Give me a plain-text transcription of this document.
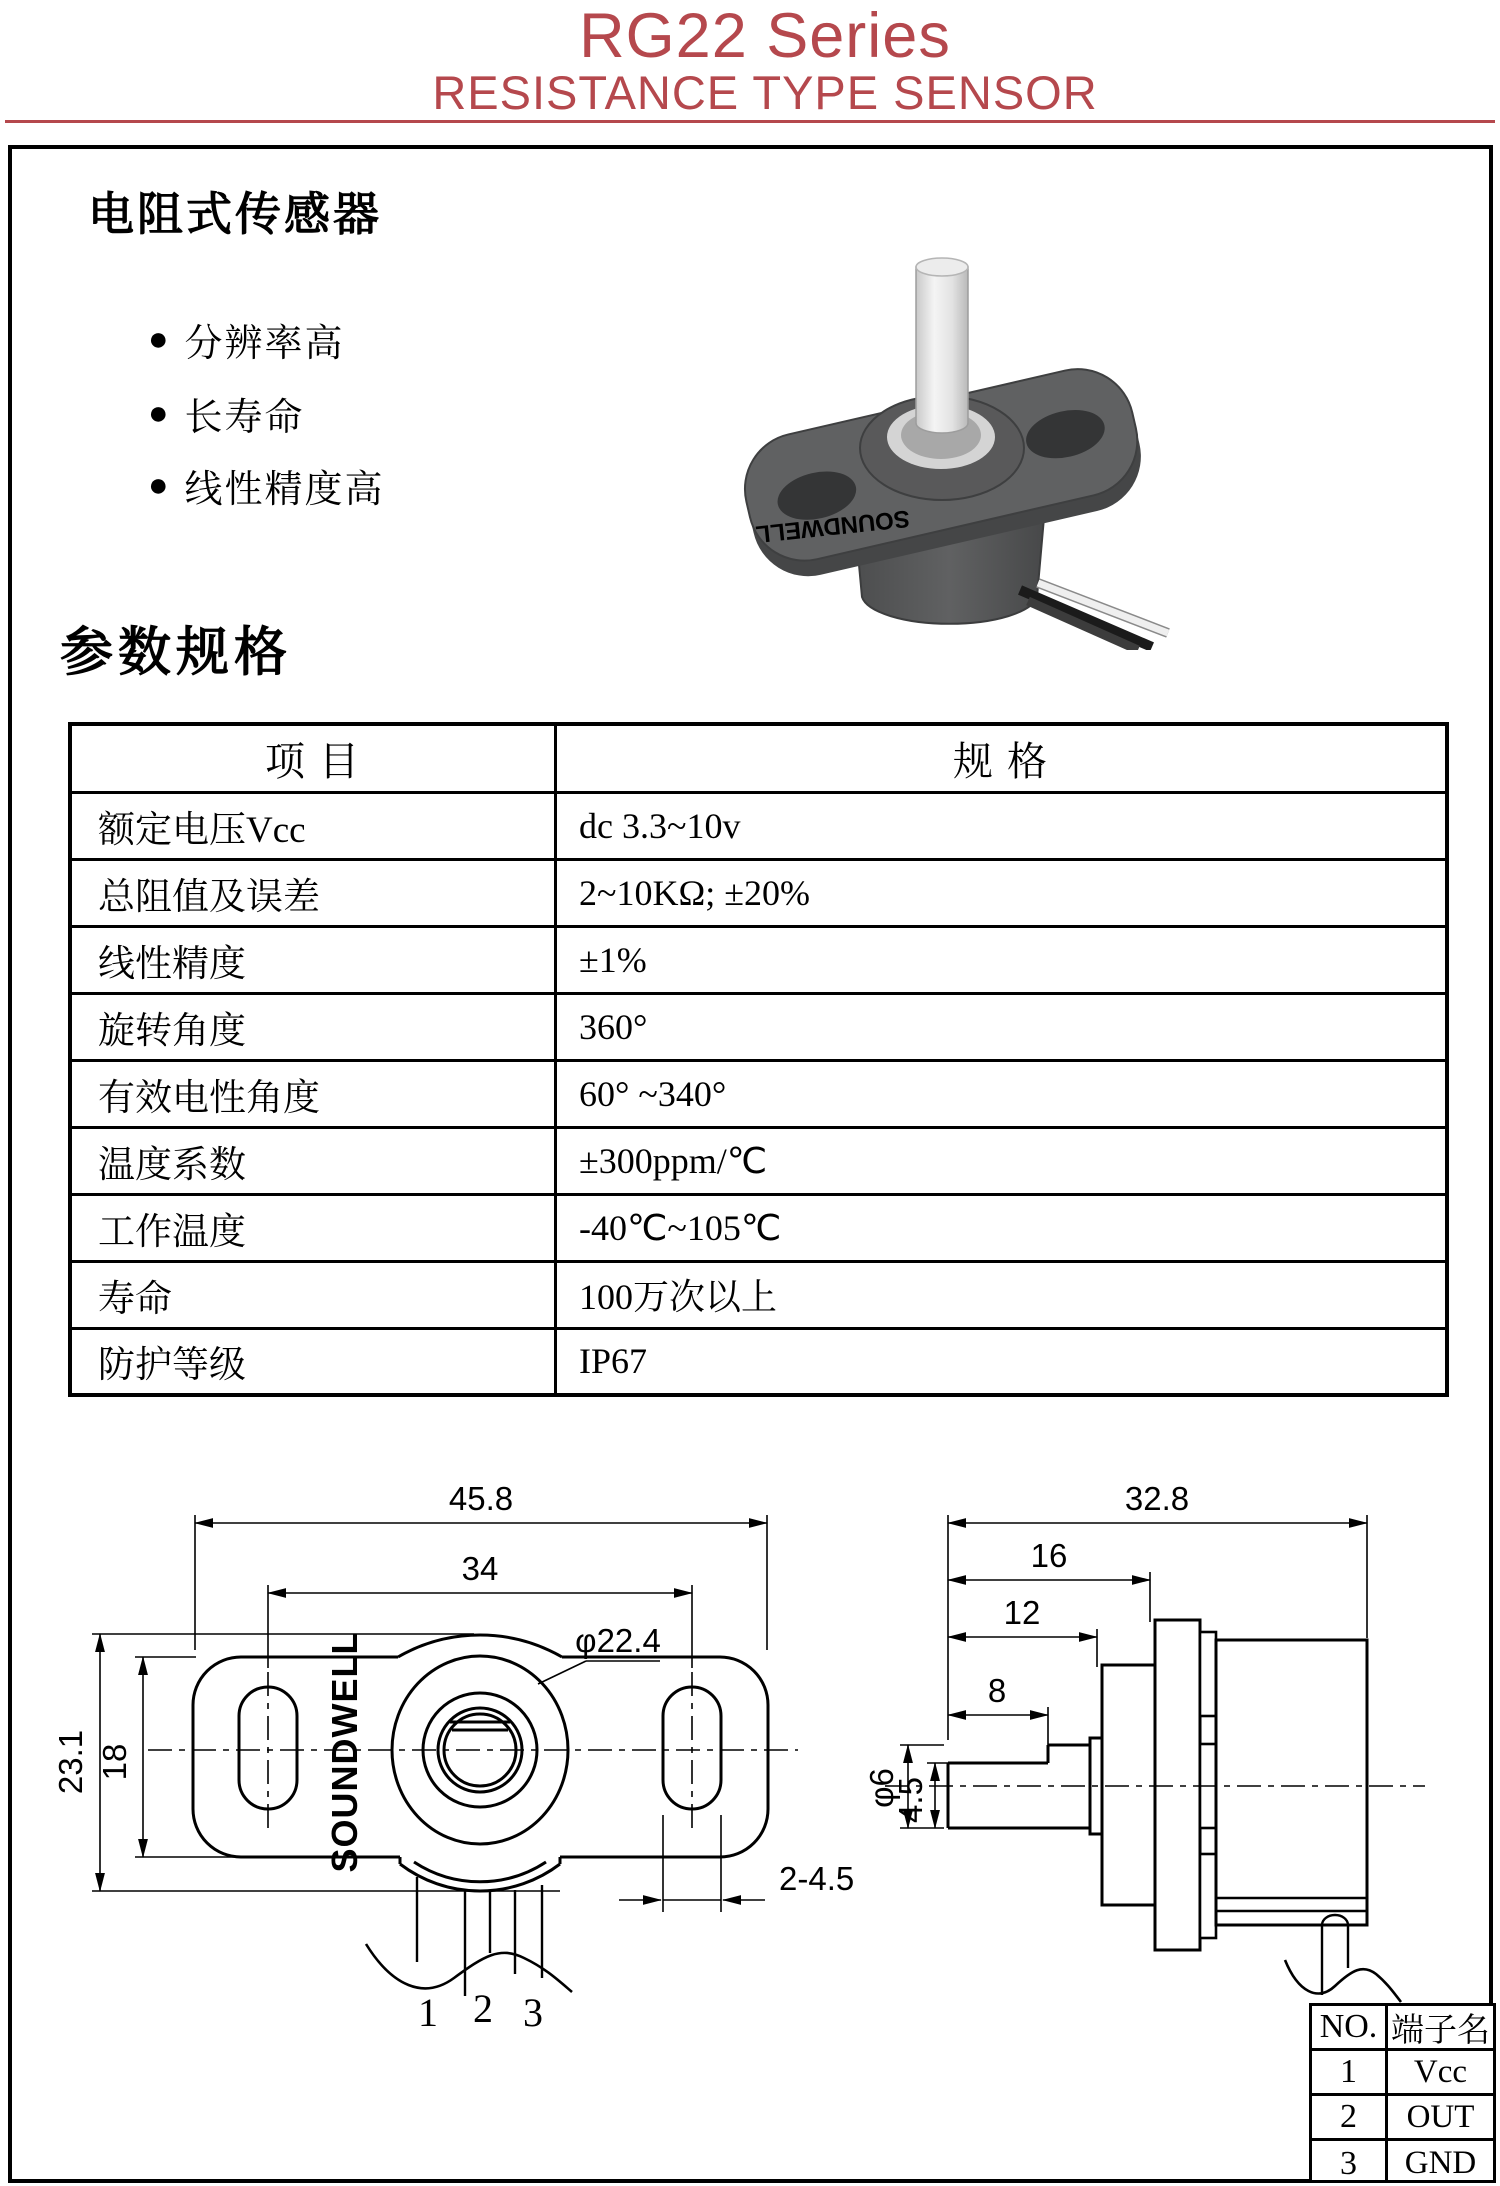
RG22 Series
RESISTANCE TYPE SENSOR
电阻式传感器
● 分辨率高
● 长寿命
● 线性精度高
SOUNDWELL
参数规格
项 目	规 格
额定电压Vcc	dc 3.3~10v
总阻值及误差	2~10KΩ; ±20%
线性精度	±1%
旋转角度	360°
有效电性角度	60° ~340°
温度系数	±300ppm/℃
工作温度	-40℃~105℃
寿命	100万次以上
防护等级	IP67
45.8
34
φ22.4
23.1 18
2-4.5
SOUNDWELL
1 2 3
32.8
16
12
8
φ6
4.5
NO. 端子名
1	Vcc
2	OUT
3	GND
